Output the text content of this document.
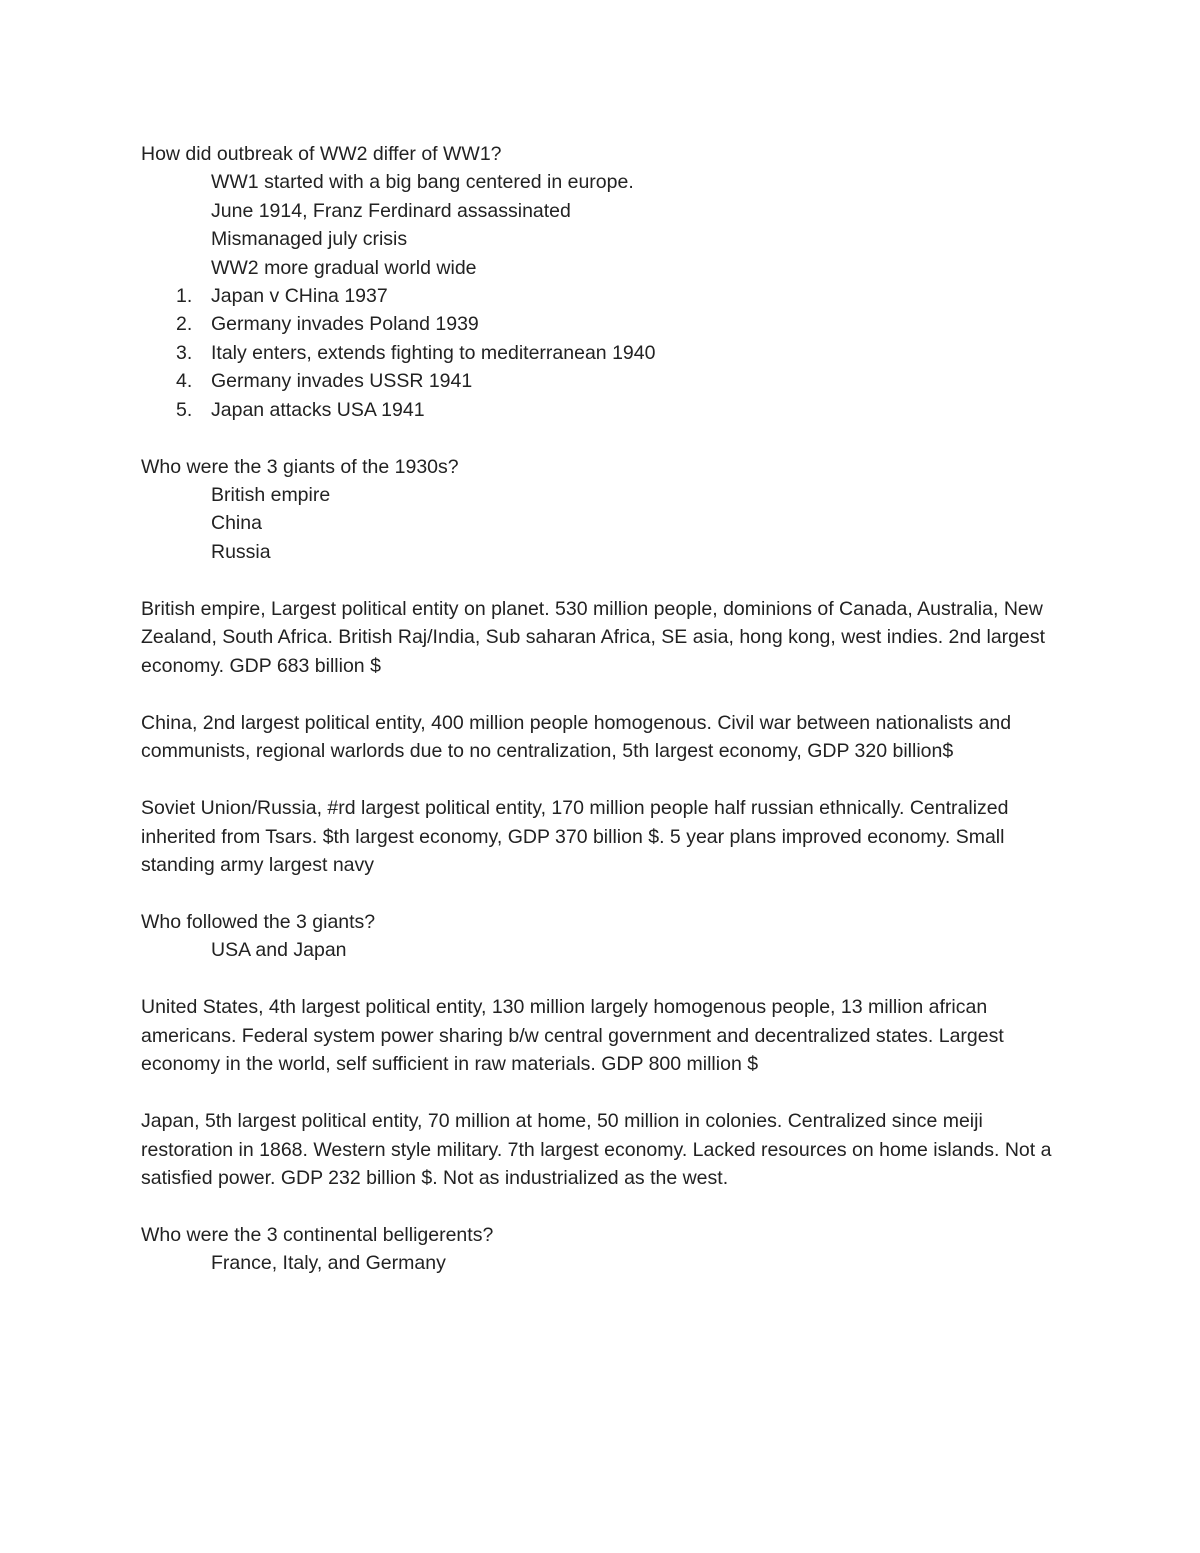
How did outbreak of WW2 differ of WW1?

WW1 started with a big bang centered in europe.

June 1914, Franz Ferdinard assassinated

Mismanaged july crisis

WW2 more gradual world wide

1. Japan v CHina 1937

2. Germany invades Poland 1939

3. Italy enters, extends fighting to mediterranean 1940

4. Germany invades USSR 1941

5. Japan attacks USA 1941

Who were the 3 giants of the 1930s?

British empire

China

Russia

British empire, Largest political entity on planet. 530 million people, dominions of Canada, Australia, New Zealand, South Africa. British Raj/India, Sub saharan Africa, SE asia, hong kong, west indies. 2nd largest economy. GDP 683 billion $

China, 2nd largest political entity, 400 million people homogenous. Civil war between nationalists and communists, regional warlords due to no centralization, 5th largest economy, GDP 320 billion$

Soviet Union/Russia, #rd largest political entity, 170 million people half russian ethnically. Centralized inherited from Tsars. $th largest economy, GDP 370 billion $. 5 year plans improved economy. Small standing army largest navy

Who followed the 3 giants?

USA and Japan

United States, 4th largest political entity, 130 million largely homogenous people, 13 million african americans. Federal system power sharing b/w central government and decentralized states. Largest economy in the world, self sufficient in raw materials. GDP 800 million $

Japan, 5th largest political entity, 70 million at home, 50 million in colonies. Centralized since meiji restoration in 1868. Western style military. 7th largest economy. Lacked resources on home islands. Not a satisfied power. GDP 232 billion $. Not as industrialized as the west.

Who were the 3 continental belligerents?

France, Italy, and Germany
